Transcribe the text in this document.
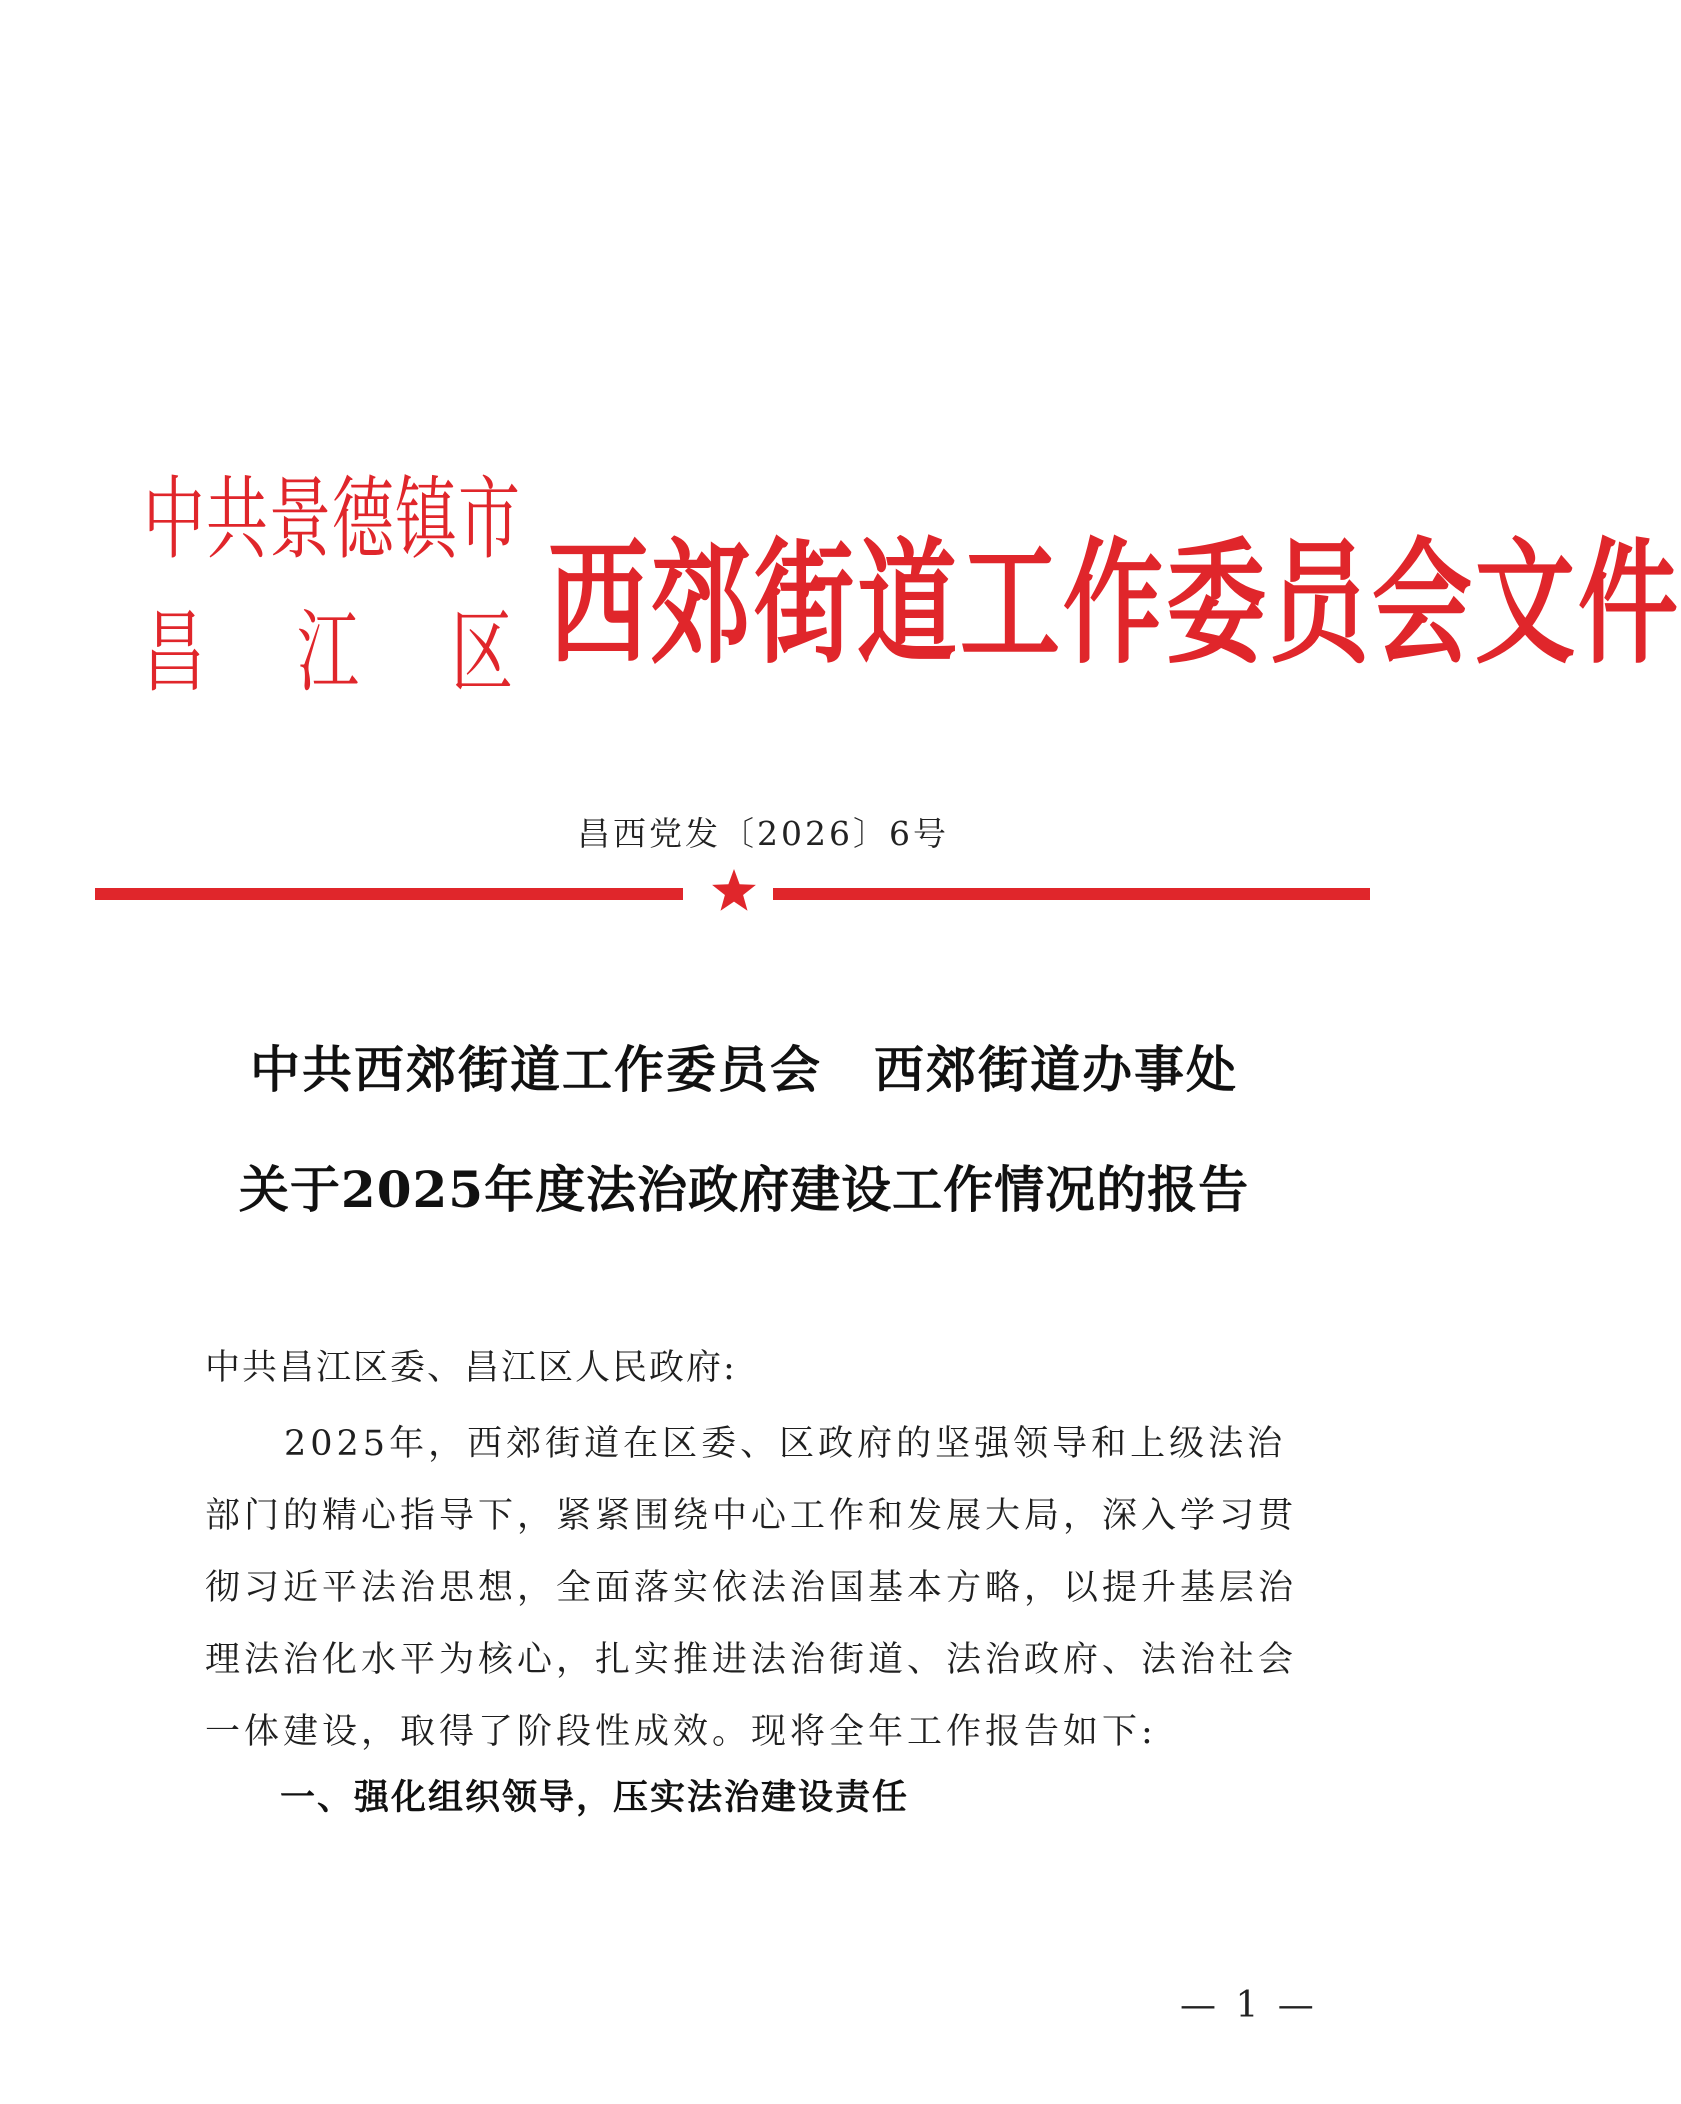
中共景德镇市
昌 江 区 西郊街道工作委员会文件
昌西党发〔2026〕6号
中共西郊街道工作委员会　西郊街道办事处
关于2025年度法治政府建设工作情况的报告
中共昌江区委、昌江区人民政府:
2025年，西郊街道在区委、区政府的坚强领导和上级法治
部门的精心指导下，紧紧围绕中心工作和发展大局，深入学习贯
彻习近平法治思想，全面落实依法治国基本方略，以提升基层治
理法治化水平为核心，扎实推进法治街道、法治政府、法治社会
一体建设，取得了阶段性成效。现将全年工作报告如下:
一、强化组织领导，压实法治建设责任
— 1 —
